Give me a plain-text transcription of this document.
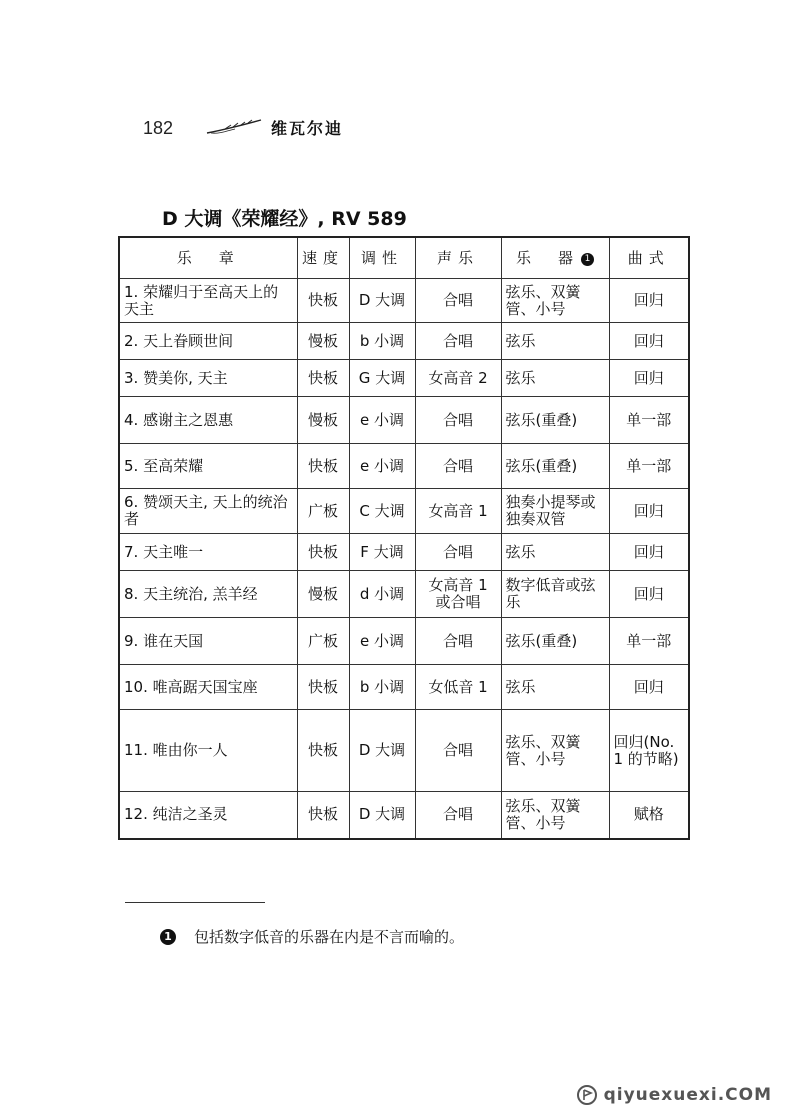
182	维瓦尔迪
D 大调《荣耀经》, RV 589
乐　章	速度	调性	声乐	乐　器 1	曲式
1. 荣耀归于至高天上的天主	快板	D 大调	合唱	弦乐、双簧管、小号	回归
2. 天上眷顾世间	慢板	b 小调	合唱	弦乐	回归
3. 赞美你, 天主	快板	G 大调	女高音 2	弦乐	回归
4. 感谢主之恩惠	慢板	e 小调	合唱	弦乐(重叠)	单一部
5. 至高荣耀	快板	e 小调	合唱	弦乐(重叠)	单一部
6. 赞颂天主, 天上的统治者	广板	C 大调	女高音 1	独奏小提琴或独奏双管	回归
7. 天主唯一	快板	F 大调	合唱	弦乐	回归
8. 天主统治, 羔羊经	慢板	d 小调	女高音 1 或合唱	数字低音或弦乐	回归
9. 谁在天国	广板	e 小调	合唱	弦乐(重叠)	单一部
10. 唯高踞天国宝座	快板	b 小调	女低音 1	弦乐	回归
11. 唯由你一人	快板	D 大调	合唱	弦乐、双簧管、小号	回归(No. 1 的节略)
12. 纯洁之圣灵	快板	D 大调	合唱	弦乐、双簧管、小号	赋格
1 包括数字低音的乐器在内是不言而喻的。
qiyuexuexi.COM
